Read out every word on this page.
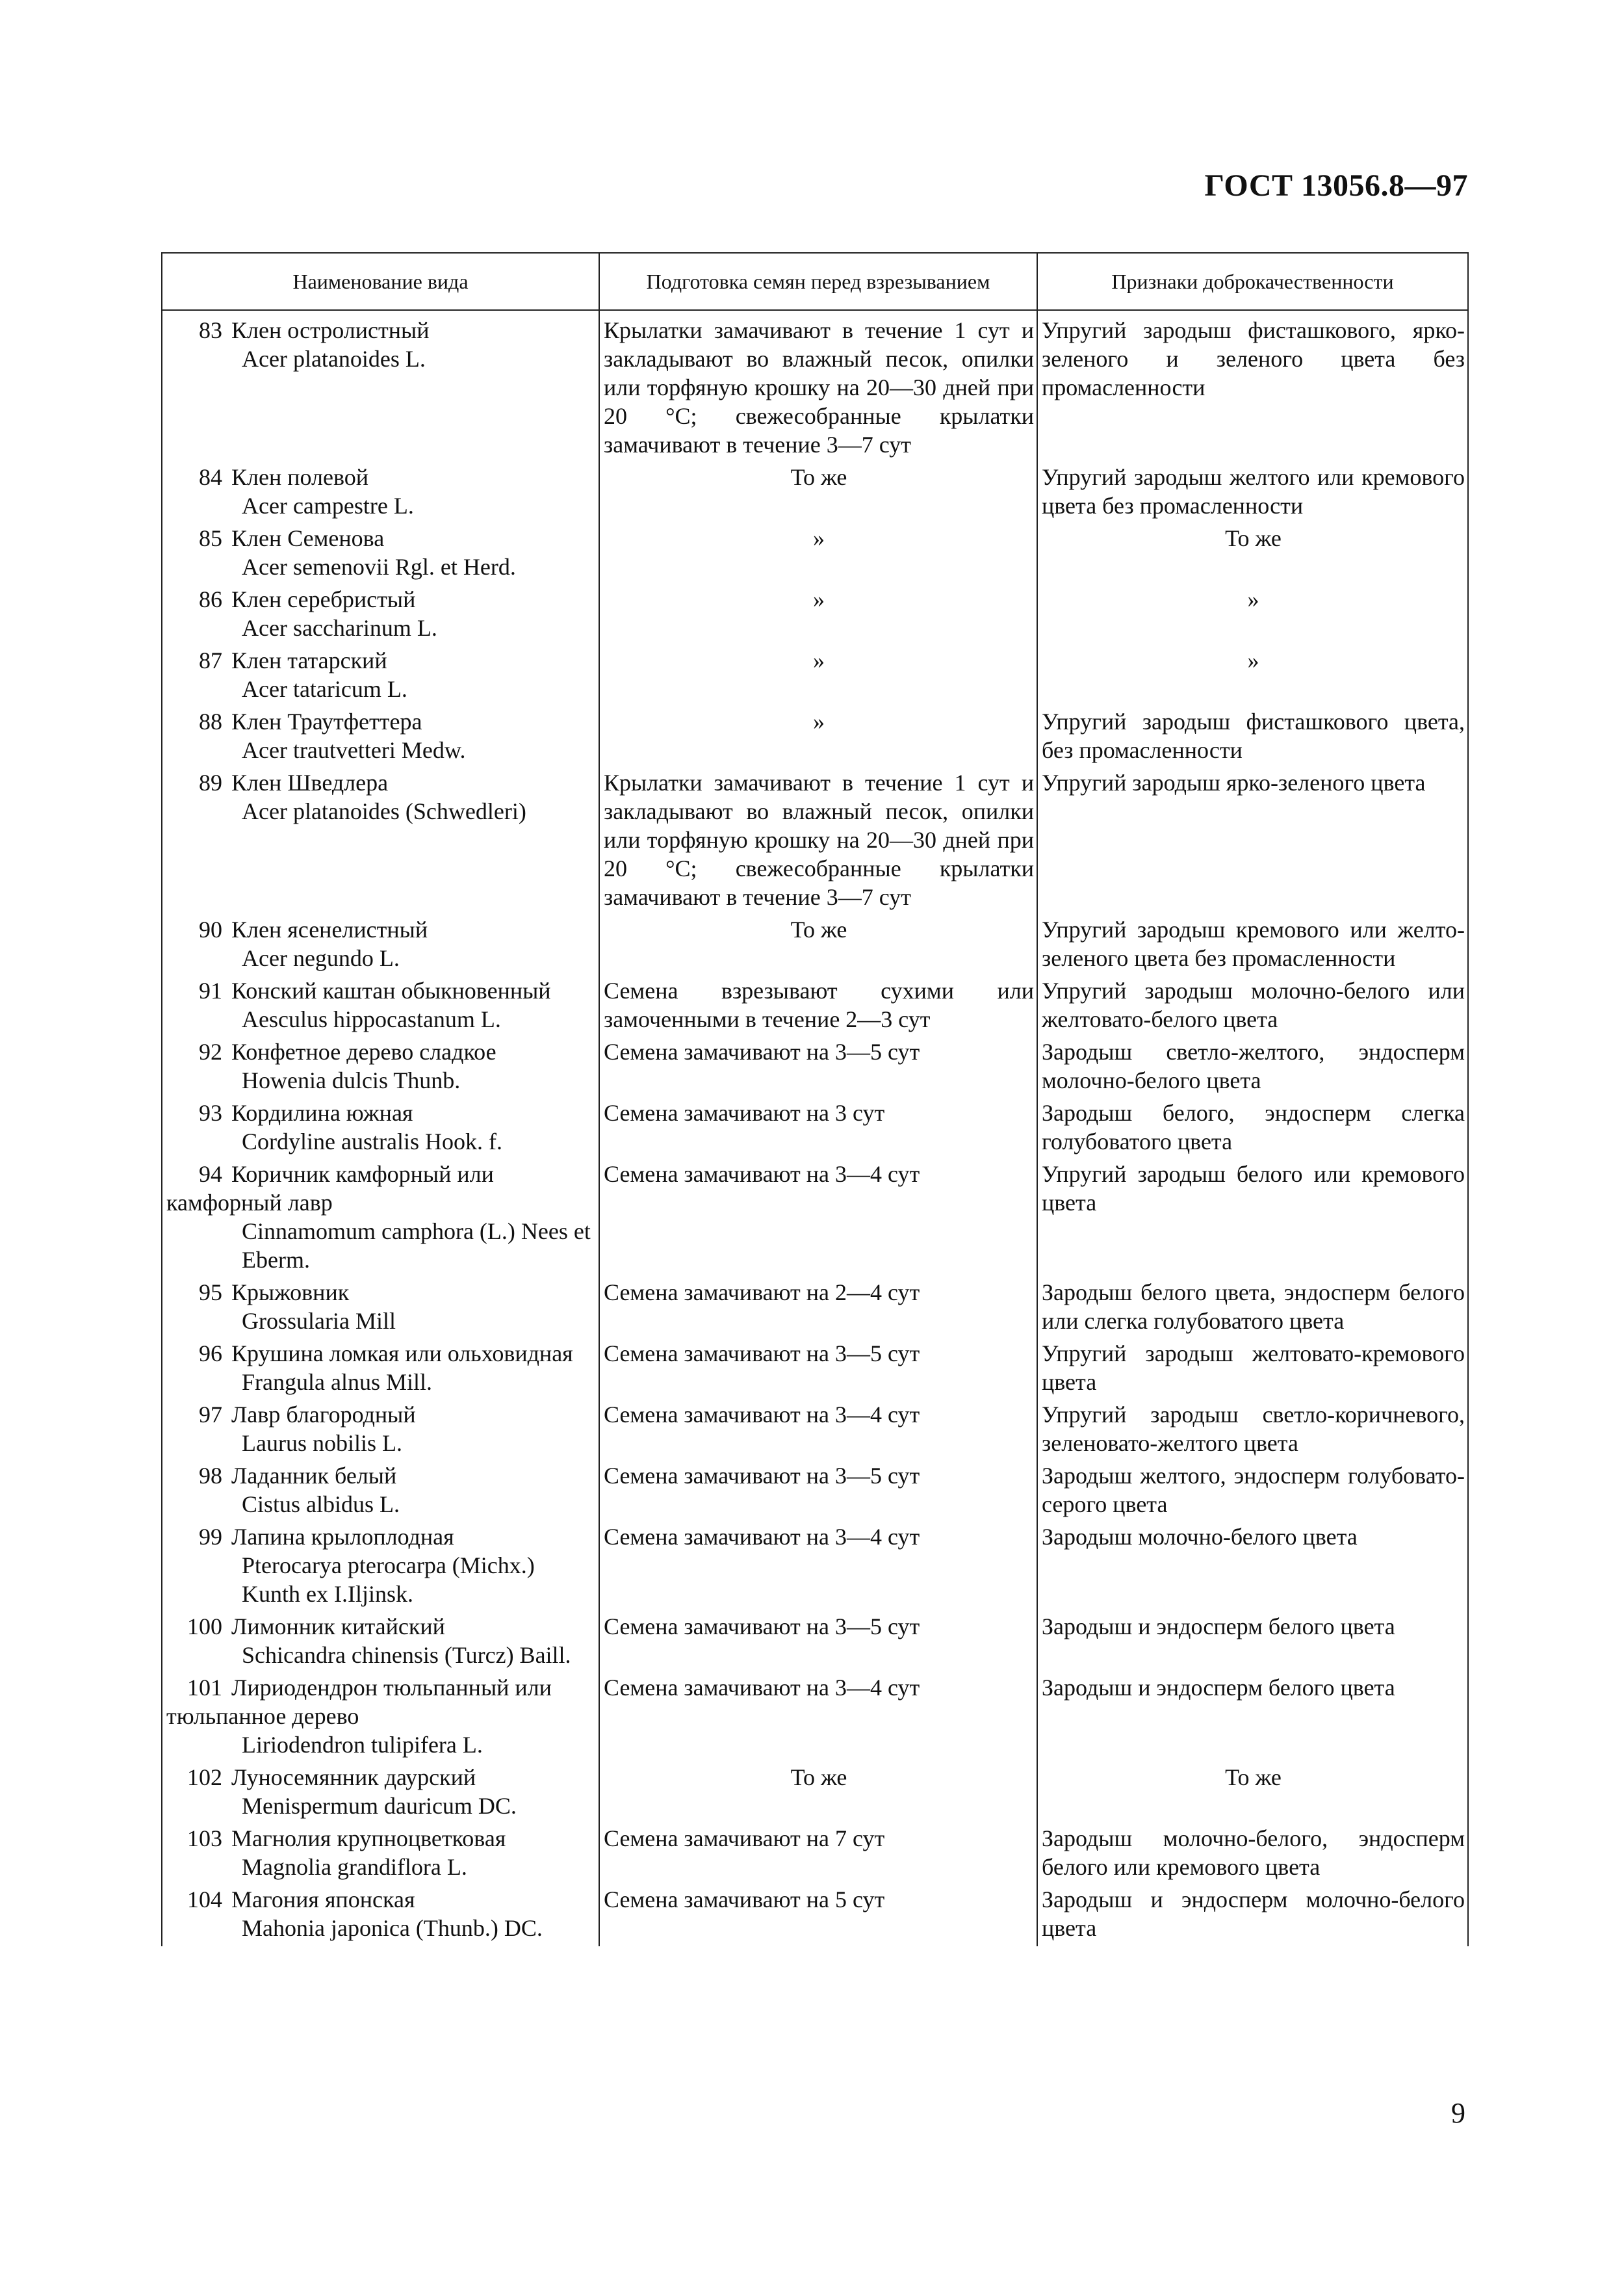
ГОСТ 13056.8—97
Наименование вида	Подготовка семян перед взрезыванием	Признаки доброкачественности
83 Клен остролистный
Acer platanoides L.	Крылатки замачивают в течение 1 сут и закладывают во влажный песок, опилки или торфяную крошку на 20—30 дней при 20 °С; свежесобранные крылатки замачивают в течение 3—7 сут	Упругий зародыш фисташкового, ярко-зеленого и зеленого цвета без промасленности
84 Клен полевой
Acer campestre L.	То же	Упругий зародыш желтого или кремового цвета без промасленности
85 Клен Семенова
Acer semenovii Rgl. et Herd.	»	То же
86 Клен серебристый
Acer saccharinum L.	»	»
87 Клен татарский
Acer tataricum L.	»	»
88 Клен Траутфеттера
Acer trautvetteri Medw.	»	Упругий зародыш фисташкового цвета, без промасленности
89 Клен Шведлера
Acer platanoides (Schwedleri)	Крылатки замачивают в течение 1 сут и закладывают во влажный песок, опилки или торфяную крошку на 20—30 дней при 20 °С; свежесобранные крылатки замачивают в течение 3—7 сут	Упругий зародыш ярко-зеленого цвета
90 Клен ясенелистный
Acer negundo L.	То же	Упругий зародыш кремового или желто-зеленого цвета без промасленности
91 Конский каштан обыкновенный
Aesculus hippocastanum L.	Семена взрезывают сухими или замоченными в течение 2—3 сут	Упругий зародыш молочно-белого или желтовато-белого цвета
92 Конфетное дерево сладкое
Howenia dulcis Thunb.	Семена замачивают на 3—5 сут	Зародыш светло-желтого, эндосперм молочно-белого цвета
93 Кордилина южная
Cordyline australis Hook. f.	Семена замачивают на 3 сут	Зародыш белого, эндосперм слегка голубоватого цвета
94 Коричник камфорный или камфорный лавр
Cinnamomum camphora (L.) Nees et Eberm.	Семена замачивают на 3—4 сут	Упругий зародыш белого или кремового цвета
95 Крыжовник
Grossularia Mill	Семена замачивают на 2—4 сут	Зародыш белого цвета, эндосперм белого или слегка голубоватого цвета
96 Крушина ломкая или ольховидная
Frangula alnus Mill.	Семена замачивают на 3—5 сут	Упругий зародыш желтовато-кремового цвета
97 Лавр благородный
Laurus nobilis L.	Семена замачивают на 3—4 сут	Упругий зародыш светло-коричневого, зеленовато-желтого цвета
98 Ладанник белый
Cistus albidus L.	Семена замачивают на 3—5 сут	Зародыш желтого, эндосперм голубовато-серого цвета
99 Лапина крылоплодная
Pterocarya pterocarpa (Michx.) Kunth ex I.Iljinsk.	Семена замачивают на 3—4 сут	Зародыш молочно-белого цвета
100 Лимонник китайский
Schicandra chinensis (Turcz) Baill.	Семена замачивают на 3—5 сут	Зародыш и эндосперм белого цвета
101 Лириодендрон тюльпанный или тюльпанное дерево
Liriodendron tulipifera L.	Семена замачивают на 3—4 сут	Зародыш и эндосперм белого цвета
102 Луносемянник даурский
Menispermum dauricum DC.	То же	То же
103 Магнолия крупноцветковая
Magnolia grandiflora L.	Семена замачивают на 7 сут	Зародыш молочно-белого, эндосперм белого или кремового цвета
104 Магония японская
Mahonia japonica (Thunb.) DC.	Семена замачивают на 5 сут	Зародыш и эндосперм молочно-белого цвета
9
